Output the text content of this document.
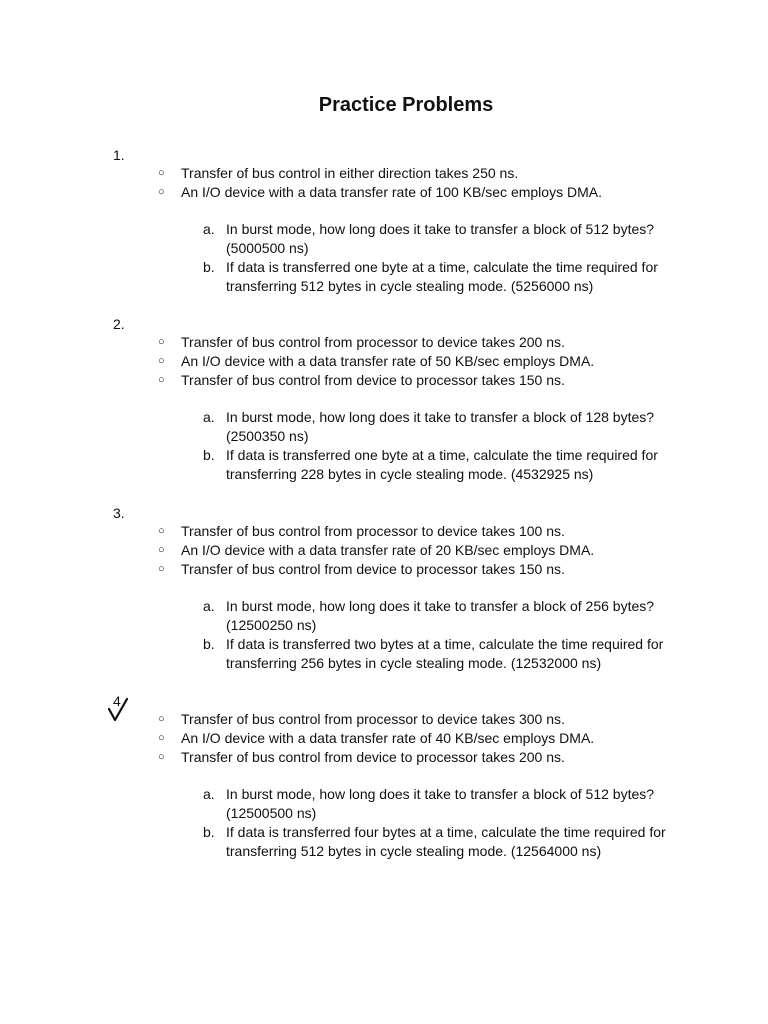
Practice Problems
1.
○ Transfer of bus control in either direction takes 250 ns.
○ An I/O device with a data transfer rate of 100 KB/sec employs DMA.
a. In burst mode, how long does it take to transfer a block of 512 bytes?
(5000500 ns)
b. If data is transferred one byte at a time, calculate the time required for
transferring 512 bytes in cycle stealing mode. (5256000 ns)
2.
○ Transfer of bus control from processor to device takes 200 ns.
○ An I/O device with a data transfer rate of 50 KB/sec employs DMA.
○ Transfer of bus control from device to processor takes 150 ns.
a. In burst mode, how long does it take to transfer a block of 128 bytes?
(2500350 ns)
b. If data is transferred one byte at a time, calculate the time required for
transferring 228 bytes in cycle stealing mode. (4532925 ns)
3.
○ Transfer of bus control from processor to device takes 100 ns.
○ An I/O device with a data transfer rate of 20 KB/sec employs DMA.
○ Transfer of bus control from device to processor takes 150 ns.
a. In burst mode, how long does it take to transfer a block of 256 bytes?
(12500250 ns)
b. If data is transferred two bytes at a time, calculate the time required for
transferring 256 bytes in cycle stealing mode. (12532000 ns)
4
○ Transfer of bus control from processor to device takes 300 ns.
○ An I/O device with a data transfer rate of 40 KB/sec employs DMA.
○ Transfer of bus control from device to processor takes 200 ns.
a. In burst mode, how long does it take to transfer a block of 512 bytes?
(12500500 ns)
b. If data is transferred four bytes at a time, calculate the time required for
transferring 512 bytes in cycle stealing mode. (12564000 ns)
